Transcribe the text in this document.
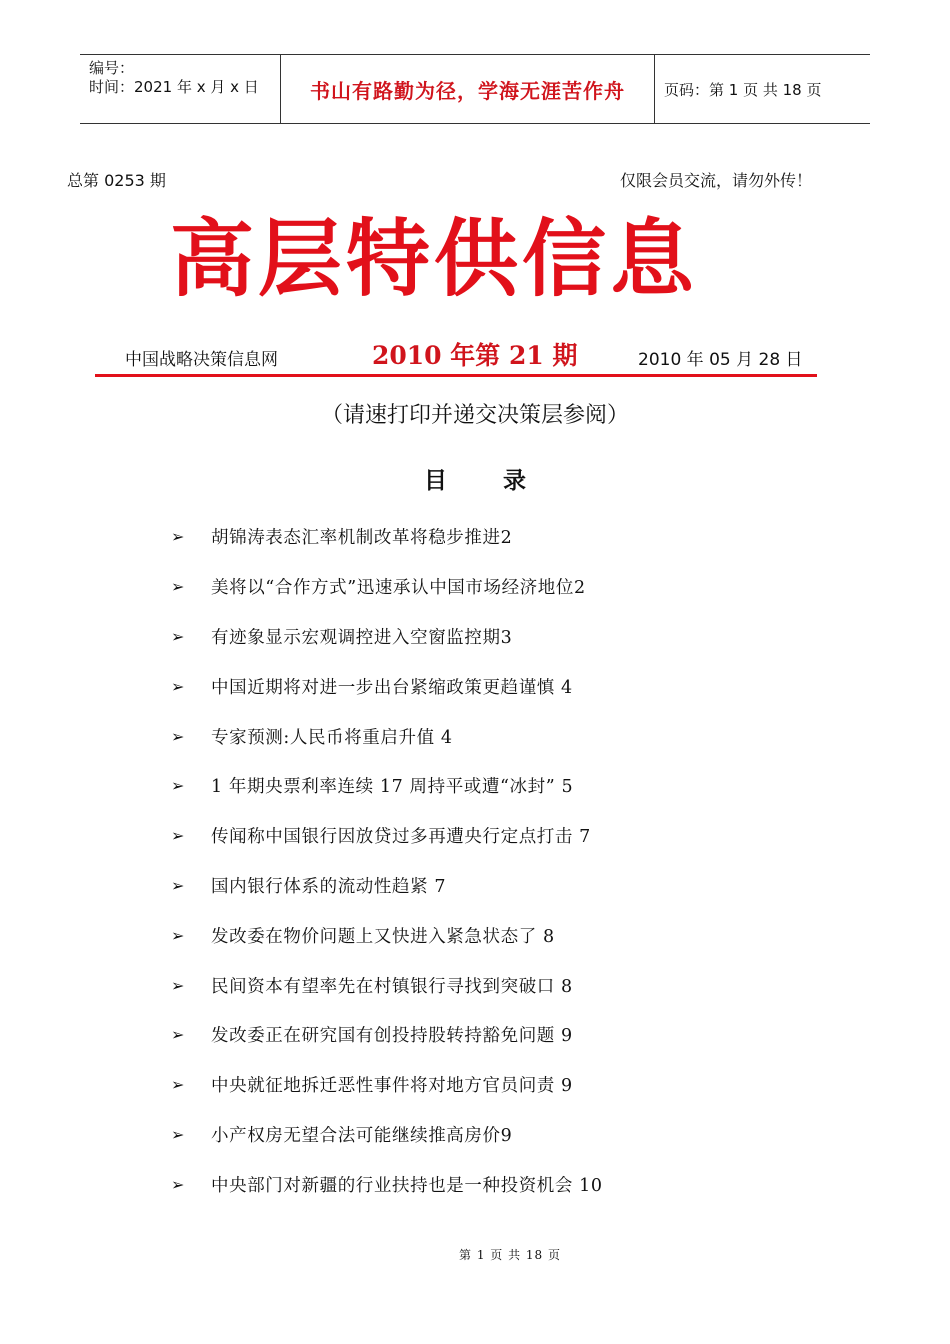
编号：
时间：2021 年 x 月 x 日	书山有路勤为径，学海无涯苦作舟	页码：第 1 页 共 18 页
总第 0253 期	仅限会员交流，请勿外传！
高层特供信息
中国战略决策信息网	2010 年第 21 期	2010 年 05 月 28 日
（请速打印并递交决策层参阅）
目 录
➢	胡锦涛表态汇率机制改革将稳步推进2
➢	美将以“合作方式”迅速承认中国市场经济地位2
➢	有迹象显示宏观调控进入空窗监控期3
➢	中国近期将对进一步出台紧缩政策更趋谨慎 4
➢	专家预测:人民币将重启升值 4
➢	1 年期央票利率连续 17 周持平或遭“冰封” 5
➢	传闻称中国银行因放贷过多再遭央行定点打击 7
➢	国内银行体系的流动性趋紧 7
➢	发改委在物价问题上又快进入紧急状态了 8
➢	民间资本有望率先在村镇银行寻找到突破口 8
➢	发改委正在研究国有创投持股转持豁免问题 9
➢	中央就征地拆迁恶性事件将对地方官员问责 9
➢	小产权房无望合法可能继续推高房价9
➢	中央部门对新疆的行业扶持也是一种投资机会 10
第 1 页 共 18 页
